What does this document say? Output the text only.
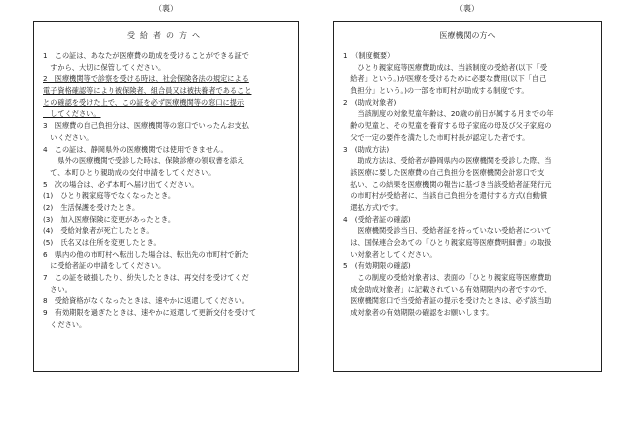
（裏）	（裏）
受給者の方へ
1　この証は、あなたが医療費の助成を受けることができる証で
　すから、大切に保管してください。
2　医療機関等で診察を受ける時は、社会保険各法の規定による
電子資格確認等により被保険者、組合員又は被扶養者であること
との確認を受けた上で、この証を必ず医療機関等の窓口に提示
　してください。
3　医療費の自己負担分は、医療機関等の窓口でいったんお支払
　いください。
4　この証は、静岡県外の医療機関では使用できません。
　　県外の医療機関で受診した時は、保険診療の領収書を添え
　て、本町ひとり親助成の交付申請をしてください。
5　次の場合は、必ず本町へ届け出てください。
(1)　ひとり親家庭等でなくなったとき。
(2)　生活保護を受けたとき。
(3)　加入医療保険に変更があったとき。
(4)　受給対象者が死亡したとき。
(5)　氏名又は住所を変更したとき。
6　県内の他の市町村へ転出した場合は、転出先の市町村で新た
　に受給者証の申請をしてください。
7　この証を破損したり、紛失したときは、再交付を受けてくだ
　さい。
8　受給資格がなくなったときは、速やかに返還してください。
9　有効期限を過ぎたときは、速やかに返還して更新交付を受けて
　ください。
医療機関の方へ
1　（制度概要）
　　ひとり親家庭等医療費助成は、当該制度の受給者(以下「受
　給者」という。)が医療を受けるために必要な費用(以下「自己
　負担分」という。)の一部を市町村が助成する制度です。
2　(助成対象者)
　　当該制度の対象児童年齢は、20歳の前日が属する月までの年
　齢の児童と、その児童を養育する母子家庭の母及び父子家庭の
　父で一定の要件を満たした市町村長が認定した者です。
3　(助成方法)
　　助成方法は、受給者が静岡県内の医療機関を受診した際、当
　該医療に要した医療費の自己負担分を医療機関会計窓口で支
　払い、この結果を医療機関の報告に基づき当該受給者証発行元
　の市町村が受給者に、当該自己負担分を還付する方式(自動償
　還払方式)です。
4　(受給者証の確認)
　　医療機関受診当日、受給者証を持っていない受給者について
　は、国保連合会あての「ひとり親家庭等医療費明細書」の取扱
　い対象者としてください。
5　(有効期限の確認)
　　この制度の受給対象者は、表面の「ひとり親家庭等医療費助
　成金助成対象者」に記載されている有効期限内の者ですので、
　医療機関窓口で当受給者証の提示を受けたときは、必ず該当助
　成対象者の有効期限の確認をお願いします。
